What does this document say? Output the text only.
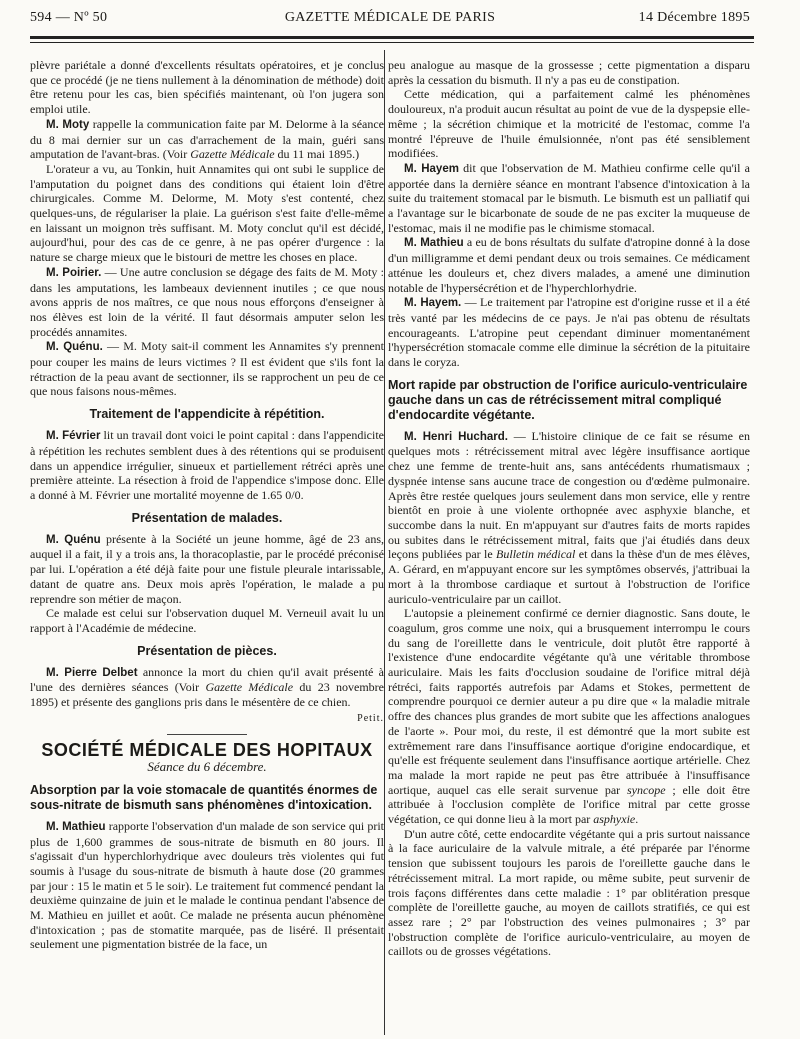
594 — Nº 50	GAZETTE MÉDICALE DE PARIS	14 Décembre 1895

plèvre pariétale a donné d'excellents résultats opératoires, et je conclus que ce procédé (je ne tiens nullement à la dénomination de méthode) doit être retenu pour les cas, bien spécifiés maintenant, où l'on jugera son emploi utile.

M. Moty rappelle la communication faite par M. Delorme à la séance du 8 mai dernier sur un cas d'arrachement de la main, guéri sans amputation de l'avant-bras. (Voir Gazette Médicale du 11 mai 1895.)

L'orateur a vu, au Tonkin, huit Annamites qui ont subi le supplice de l'amputation du poignet dans des conditions qui étaient loin d'être chirurgicales. Comme M. Delorme, M. Moty s'est contenté, chez quelques-uns, de régulariser la plaie. La guérison s'est faite d'elle-même en laissant un moignon très suffisant. M. Moty conclut qu'il est décidé, aujourd'hui, pour des cas de ce genre, à ne pas opérer d'urgence : la nature se charge mieux que le bistouri de mettre les choses en place.

M. Poirier. — Une autre conclusion se dégage des faits de M. Moty : dans les amputations, les lambeaux deviennent inutiles ; ce que nous avons appris de nos maîtres, ce que nous nous efforçons d'enseigner à nos élèves est loin de la vérité. Il faut désormais amputer selon les procédés annamites.

M. Quénu. — M. Moty sait-il comment les Annamites s'y prennent pour couper les mains de leurs victimes ? Il est évident que s'ils font la rétraction de la peau avant de sectionner, ils se rapprochent un peu de ce que nous faisons nous-mêmes.

Traitement de l'appendicite à répétition.

M. Février lit un travail dont voici le point capital : dans l'appendicite à répétition les rechutes semblent dues à des rétentions qui se produisent dans un appendice irrégulier, sinueux et partiellement rétréci après une première atteinte. La résection à froid de l'appendice s'impose donc. Elle a donné à M. Février une mortalité moyenne de 1.65 0/0.

Présentation de malades.

M. Quénu présente à la Société un jeune homme, âgé de 23 ans, auquel il a fait, il y a trois ans, la thoracoplastie, par le procédé préconisé par lui. L'opération a été déjà faite pour une fistule pleurale intarissable, datant de quatre ans. Deux mois après l'opération, le malade a pu reprendre son métier de maçon.

Ce malade est celui sur l'observation duquel M. Verneuil avait lu un rapport à l'Académie de médecine.

Présentation de pièces.

M. Pierre Delbet annonce la mort du chien qu'il avait présenté à l'une des dernières séances (Voir Gazette Médicale du 23 novembre 1895) et présente des ganglions pris dans le mésentère de ce chien.

Petit.
SOCIÉTÉ MÉDICALE DES HOPITAUX
Séance du 6 décembre.
Absorption par la voie stomacale de quantités énormes de sous-nitrate de bismuth sans phénomènes d'intoxication.

M. Mathieu rapporte l'observation d'un malade de son service qui prit plus de 1,600 grammes de sous-nitrate de bismuth en 80 jours. Il s'agissait d'un hyperchlorhydrique avec douleurs très violentes qui fut soumis à l'usage du sous-nitrate de bismuth à haute dose (20 grammes par jour : 15 le matin et 5 le soir). Le traitement fut commencé pendant la deuxième quinzaine de juin et le malade le continua pendant l'absence de M. Mathieu en juillet et août. Ce malade ne présenta aucun phénomène d'intoxication ; pas de stomatite marquée, pas de liséré. Il présentait seulement une pigmentation bistrée de la face, un

peu analogue au masque de la grossesse ; cette pigmentation a disparu après la cessation du bismuth. Il n'y a pas eu de constipation.

Cette médication, qui a parfaitement calmé les phénomènes douloureux, n'a produit aucun résultat au point de vue de la dyspepsie elle-même ; la sécrétion chimique et la motricité de l'estomac, comme l'a montré l'épreuve de l'huile émulsionnée, n'ont pas été sensiblement modifiées.

M. Hayem dit que l'observation de M. Mathieu confirme celle qu'il a apportée dans la dernière séance en montrant l'absence d'intoxication à la suite du traitement stomacal par le bismuth. Le bismuth est un palliatif qui a l'avantage sur le bicarbonate de soude de ne pas exciter la muqueuse de l'estomac, mais il ne modifie pas le chimisme stomacal.

M. Mathieu a eu de bons résultats du sulfate d'atropine donné à la dose d'un milligramme et demi pendant deux ou trois semaines. Ce médicament atténue les douleurs et, chez divers malades, a amené une diminution notable de l'hypersécrétion et de l'hyperchlorhydrie.

M. Hayem. — Le traitement par l'atropine est d'origine russe et il a été très vanté par les médecins de ce pays. Je n'ai pas obtenu de résultats encourageants. L'atropine peut cependant diminuer momentanément l'hypersécrétion stomacale comme elle diminue la sécrétion de la pituitaire dans le coryza.

Mort rapide par obstruction de l'orifice auriculo-ventriculaire gauche dans un cas de rétrécissement mitral compliqué d'endocardite végétante.

M. Henri Huchard. — L'histoire clinique de ce fait se résume en quelques mots : rétrécissement mitral avec légère insuffisance aortique chez une femme de trente-huit ans, sans antécédents rhumatismaux ; dyspnée intense sans aucune trace de congestion ou d'œdème pulmonaire. Après être restée quelques jours seulement dans mon service, elle y rentre bientôt en proie à une violente orthopnée avec asphyxie blanche, et succombe dans la nuit. En m'appuyant sur d'autres faits de morts rapides ou subites dans le rétrécissement mitral, faits que j'ai étudiés dans deux leçons publiées par le Bulletin médical et dans la thèse d'un de mes élèves, A. Gérard, en m'appuyant encore sur les symptômes observés, j'attribuai la mort à la thrombose cardiaque et surtout à l'obstruction de l'orifice auriculo-ventriculaire par un caillot.

L'autopsie a pleinement confirmé ce dernier diagnostic. Sans doute, le coagulum, gros comme une noix, qui a brusquement interrompu le cours du sang de l'oreillette dans le ventricule, doit plutôt être rapporté à l'existence d'une endocardite végétante qu'à une véritable thrombose auriculaire. Mais les faits d'occlusion soudaine de l'orifice mitral déjà rétréci, faits rapportés autrefois par Adams et Stokes, permettent de comprendre pourquoi ce dernier auteur a pu dire que « la maladie mitrale offre des chances plus grandes de mort subite que les affections analogues de l'aorte ». Pour moi, du reste, il est démontré que la mort subite est extrêmement rare dans l'insuffisance aortique d'origine endocardique, et qu'elle est fréquente seulement dans l'insuffisance aortique artérielle. Chez ma malade la mort rapide ne peut pas être attribuée à l'insuffisance aortique, auquel cas elle serait survenue par syncope ; elle doit être attribuée à l'occlusion complète de l'orifice mitral par cette grosse végétation, ce qui donne lieu à la mort par asphyxie.

D'un autre côté, cette endocardite végétante qui a pris surtout naissance à la face auriculaire de la valvule mitrale, a été préparée par l'énorme tension que subissent toujours les parois de l'oreillette gauche dans le rétrécissement mitral. La mort rapide, ou même subite, peut survenir de trois façons différentes dans cette maladie : 1° par oblitération presque complète de l'oreillette gauche, au moyen de caillots stratifiés, ce qui est assez rare ; 2° par l'obstruction des veines pulmonaires ; 3° par l'obstruction complète de l'orifice auriculo-ventriculaire, au moyen de caillots ou de grosses végétations.
